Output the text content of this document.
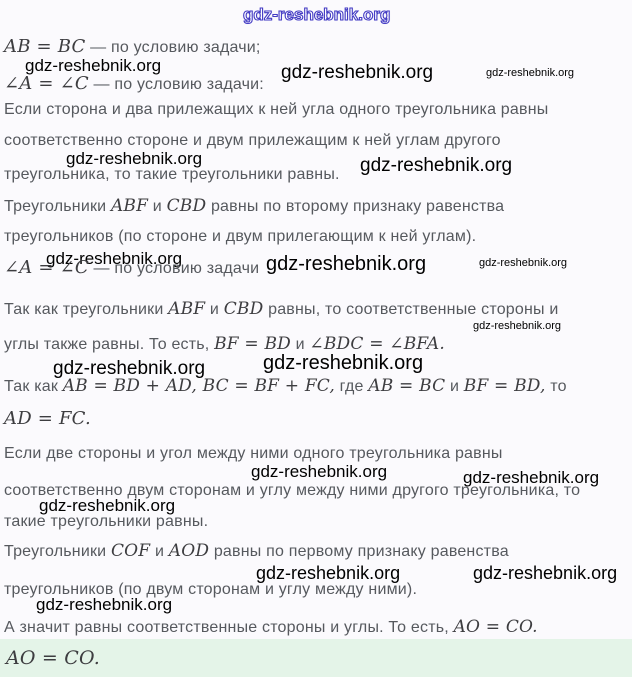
gdz-reshebnik.org
AB = BC — по условию задачи;
gdz-reshebnik.org
∠A = ∠C — по условию задачи:
gdz-reshebnik.org	gdz-reshebnik.org
Если сторона и два прилежащих к ней угла одного треугольника равны
соответственно стороне и двум прилежащим к ней углам другого
gdz-reshebnik.org
треугольника, то такие треугольники равны. gdz-reshebnik.org
Треугольники ABF и CBD равны по второму признаку равенства
треугольников (по стороне и двум прилегающим к ней углам).
gdz-reshebnik.org
∠A = ∠C — по условию задачи gdz-reshebnik.org	gdz-reshebnik.org
Так как треугольники ABF и CBD равны, то соответственные стороны и
gdz-reshebnik.org
углы также равны. То есть, BF = BD и ∠BDC = ∠BFA.
gdz-reshebnik.org
gdz-reshebnik.org
Так как AB = BD + AD, BC = BF + FC, где AB = BC и BF = BD, то
AD = FC.
Если две стороны и угол между ними одного треугольника равны
gdz-reshebnik.org	gdz-reshebnik.org
соответственно двум сторонам и углу между ними другого треугольника, то
gdz-reshebnik.org
такие треугольники равны.
Треугольники COF и AOD равны по первому признаку равенства
gdz-reshebnik.org	gdz-reshebnik.org
треугольников (по двум сторонам и углу между ними).
gdz-reshebnik.org
А значит равны соответственные стороны и углы. То есть, AO = CO.
AO = CO.
